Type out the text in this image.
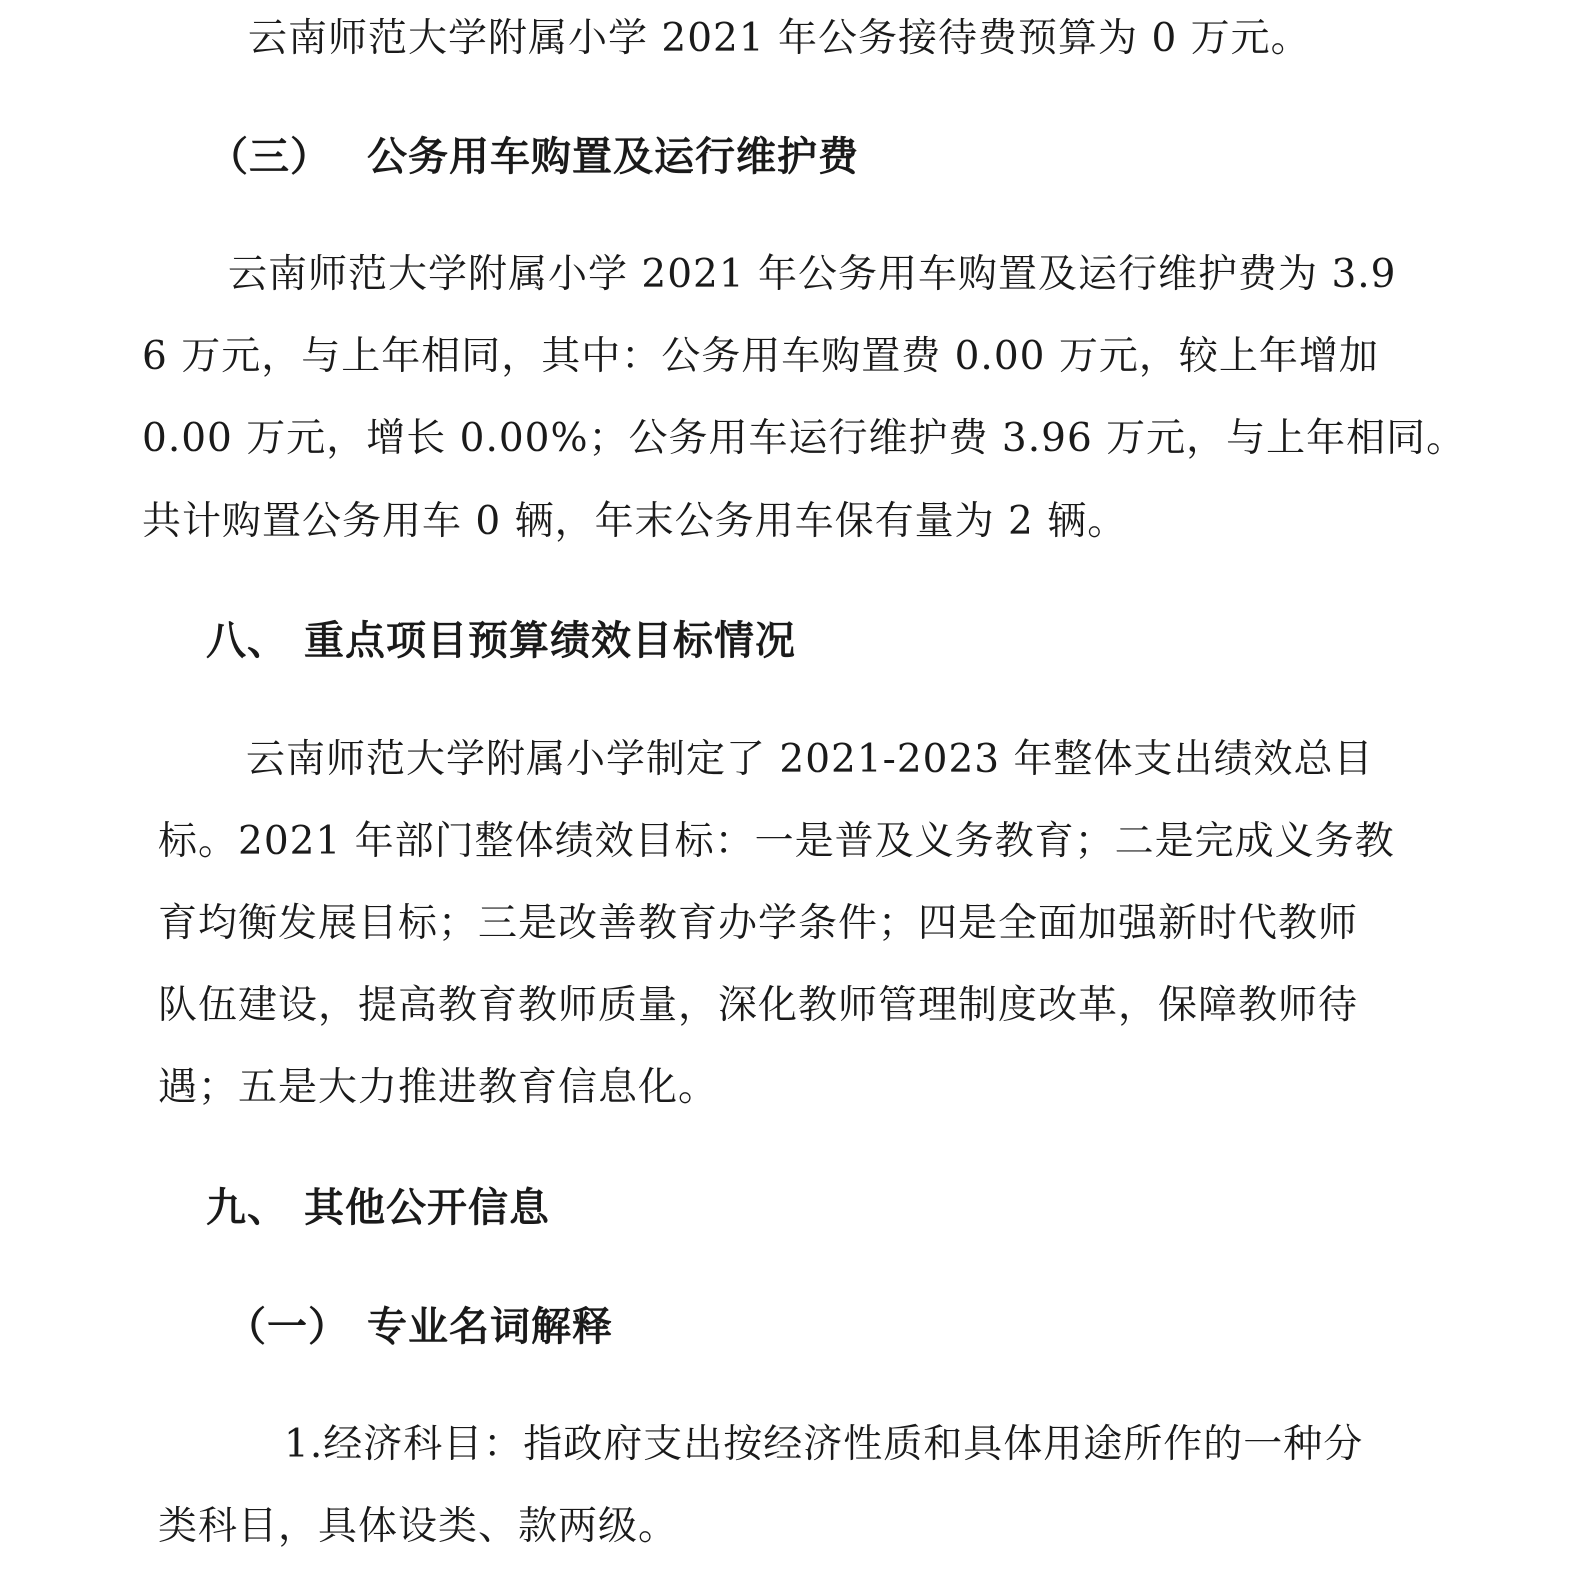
云南师范大学附属小学 2021 年公务接待费预算为 0 万元。
（三） 公务用车购置及运行维护费
云南师范大学附属小学 2021 年公务用车购置及运行维护费为 3.9
6 万元，与上年相同，其中：公务用车购置费 0.00 万元，较上年增加
0.00 万元，增长 0.00%；公务用车运行维护费 3.96 万元，与上年相同。
共计购置公务用车 0 辆，年末公务用车保有量为 2 辆。
八、 重点项目预算绩效目标情况
云南师范大学附属小学制定了 2021-2023 年整体支出绩效总目
标。2021 年部门整体绩效目标：一是普及义务教育；二是完成义务教
育均衡发展目标；三是改善教育办学条件；四是全面加强新时代教师
队伍建设，提高教育教师质量，深化教师管理制度改革，保障教师待
遇；五是大力推进教育信息化。
九、 其他公开信息
（一） 专业名词解释
1.经济科目：指政府支出按经济性质和具体用途所作的一种分
类科目，具体设类、款两级。
